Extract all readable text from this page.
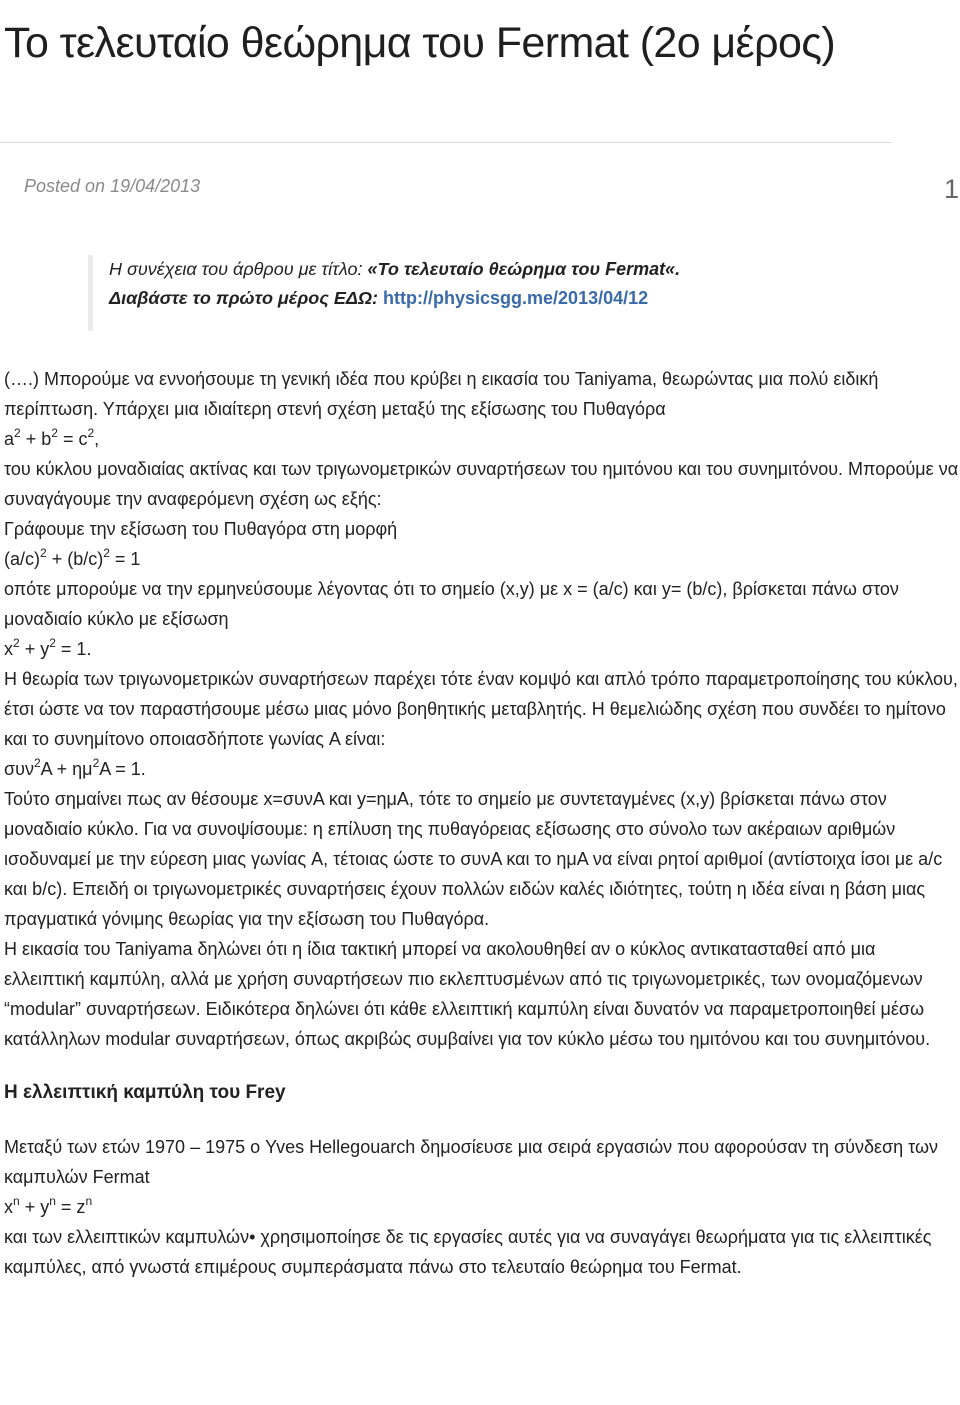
Το τελευταίο θεώρημα του Fermat (2ο μέρος)
Posted on 19/04/2013	1
Η συνέχεια του άρθρου με τίτλο: «Το τελευταίο θεώρημα του Fermat«.
Διαβάστε το πρώτο μέρος ΕΔΩ: http://physicsgg.me/2013/04/12

(….) Μπορούμε να εννοήσουμε τη γενική ιδέα που κρύβει η εικασία του Taniyama, θεωρώντας μια πολύ ειδική περίπτωση. Υπάρχει μια ιδιαίτερη στενή σχέση μεταξύ της εξίσωσης του Πυθαγόρα

$a^2 + b^2 = c^2$,

του κύκλου μοναδιαίας ακτίνας και των τριγωνομετρικών συναρτήσεων του ημιτόνου και του συνημιτόνου. Μπορούμε να συναγάγουμε την αναφερόμενη σχέση ως εξής:

Γράφουμε την εξίσωση του Πυθαγόρα στη μορφή

$(a/c)^2 + (b/c)^2 = 1$

οπότε μπορούμε να την ερμηνεύσουμε λέγοντας ότι το σημείο (x,y) με x = (a/c) και y= (b/c), βρίσκεται πάνω στον μοναδιαίο κύκλο με εξίσωση

$x^2 + y^2 = 1$.

Η θεωρία των τριγωνομετρικών συναρτήσεων παρέχει τότε έναν κομψό και απλό τρόπο παραμετροποίησης του κύκλου, έτσι ώστε να τον παραστήσουμε μέσω μιας μόνο βοηθητικής μεταβλητής. Η θεμελιώδης σχέση που συνδέει το ημίτονο και το συνημίτονο οποιασδήποτε γωνίας A είναι:

$\sigma\upsilon\nu^2A + \eta\mu^2A = 1$.

Τούτο σημαίνει πως αν θέσουμε x=συνA και y=ημA, τότε το σημείο με συντεταγμένες (x,y) βρίσκεται πάνω στον μοναδιαίο κύκλο. Για να συνοψίσουμε: η επίλυση της πυθαγόρειας εξίσωσης στο σύνολο των ακέραιων αριθμών ισοδυναμεί με την εύρεση μιας γωνίας A, τέτοιας ώστε το συνA και το ημA να είναι ρητοί αριθμοί (αντίστοιχα ίσοι με a/c και b/c). Επειδή οι τριγωνομετρικές συναρτήσεις έχουν πολλών ειδών καλές ιδιότητες, τούτη η ιδέα είναι η βάση μιας πραγματικά γόνιμης θεωρίας για την εξίσωση του Πυθαγόρα.

Η εικασία του Taniyama δηλώνει ότι η ίδια τακτική μπορεί να ακολουθηθεί αν ο κύκλος αντικατασταθεί από μια ελλειπτική καμπύλη, αλλά με χρήση συναρτήσεων πιο εκλεπτυσμένων από τις τριγωνομετρικές, των ονομαζόμενων “modular” συναρτήσεων. Ειδικότερα δηλώνει ότι κάθε ελλειπτική καμπύλη είναι δυνατόν να παραμετροποιηθεί μέσω κατάλληλων modular συναρτήσεων, όπως ακριβώς συμβαίνει για τον κύκλο μέσω του ημιτόνου και του συνημιτόνου.

Η ελλειπτική καμπύλη του Frey

Μεταξύ των ετών 1970 – 1975 ο Yves Hellegouarch δημοσίευσε μια σειρά εργασιών που αφορούσαν τη σύνδεση των καμπυλών Fermat

$x^n + y^n = z^n$

και των ελλειπτικών καμπυλών• χρησιμοποίησε δε τις εργασίες αυτές για να συναγάγει θεωρήματα για τις ελλειπτικές καμπύλες, από γνωστά επιμέρους συμπεράσματα πάνω στο τελευταίο θεώρημα του Fermat.
